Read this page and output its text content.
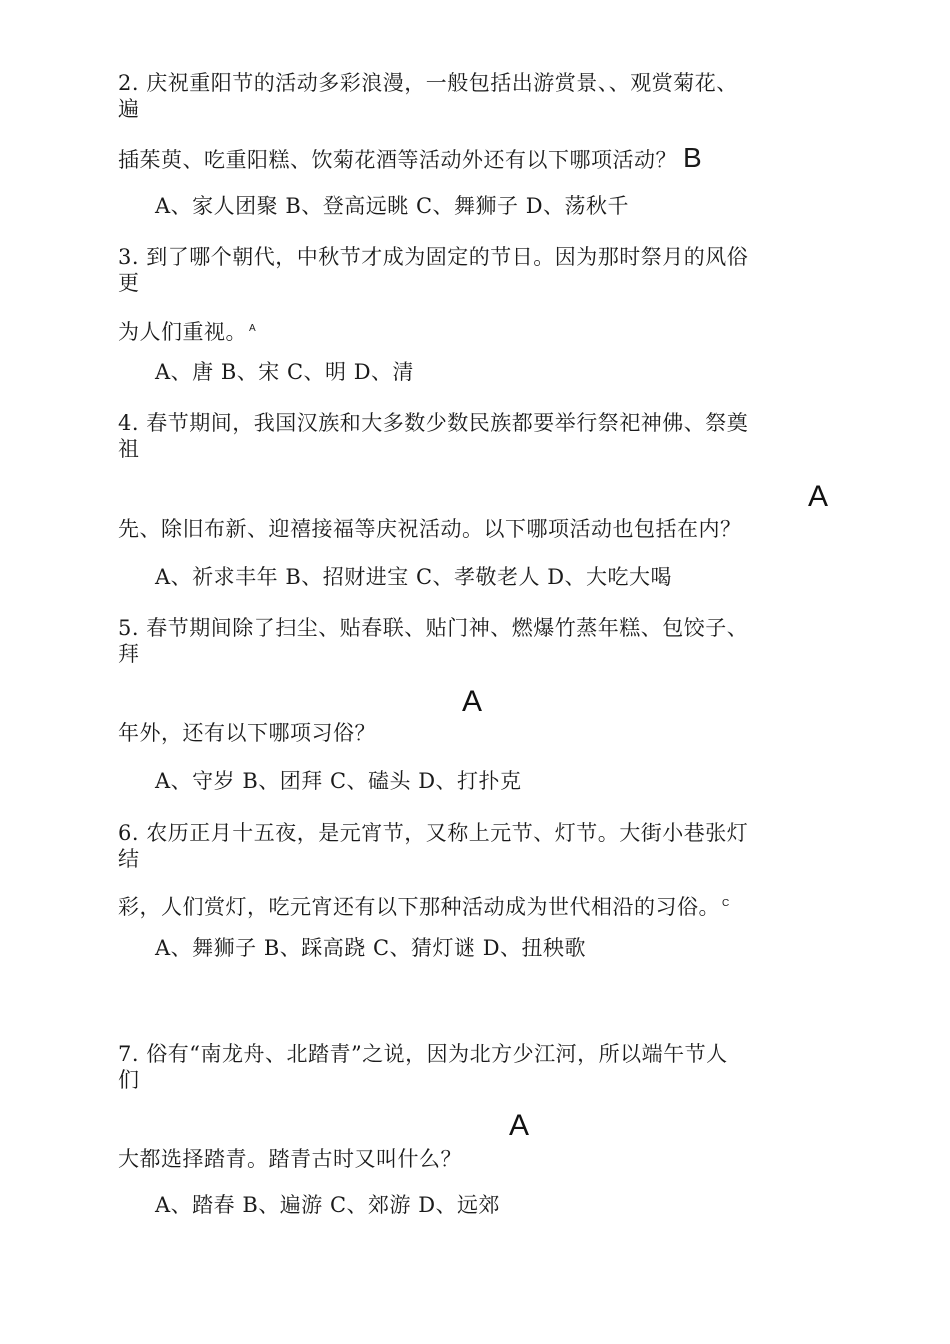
2. 庆祝重阳节的活动多彩浪漫，一般包括出游赏景、、观赏菊花、
遍
插茱萸、吃重阳糕、饮菊花酒等活动外还有以下哪项活动？ B
A、家人团聚 B、登高远眺 C、舞狮子 D、荡秋千
3. 到了哪个朝代，中秋节才成为固定的节日。因为那时祭月的风俗
更
为人们重视。 $^A$
A、唐 B、宋 C、明 D、清
4. 春节期间，我国汉族和大多数少数民族都要举行祭祀神佛、祭奠
祖
A
先、除旧布新、迎禧接福等庆祝活动。以下哪项活动也包括在内？
A、祈求丰年 B、招财进宝 C、孝敬老人 D、大吃大喝
5. 春节期间除了扫尘、贴春联、贴门神、燃爆竹蒸年糕、包饺子、
拜
A
年外，还有以下哪项习俗？
A、守岁 B、团拜 C、磕头 D、打扑克
6. 农历正月十五夜，是元宵节，又称上元节、灯节。大街小巷张灯
结
彩，人们赏灯，吃元宵还有以下那种活动成为世代相沿的习俗。 $^C$
A、舞狮子 B、踩高跷 C、猜灯谜 D、扭秧歌
7. 俗有“南龙舟、北踏青”之说，因为北方少江河，所以端午节人
们
A
大都选择踏青。踏青古时又叫什么？
A、踏春 B、遍游 C、郊游 D、远郊
